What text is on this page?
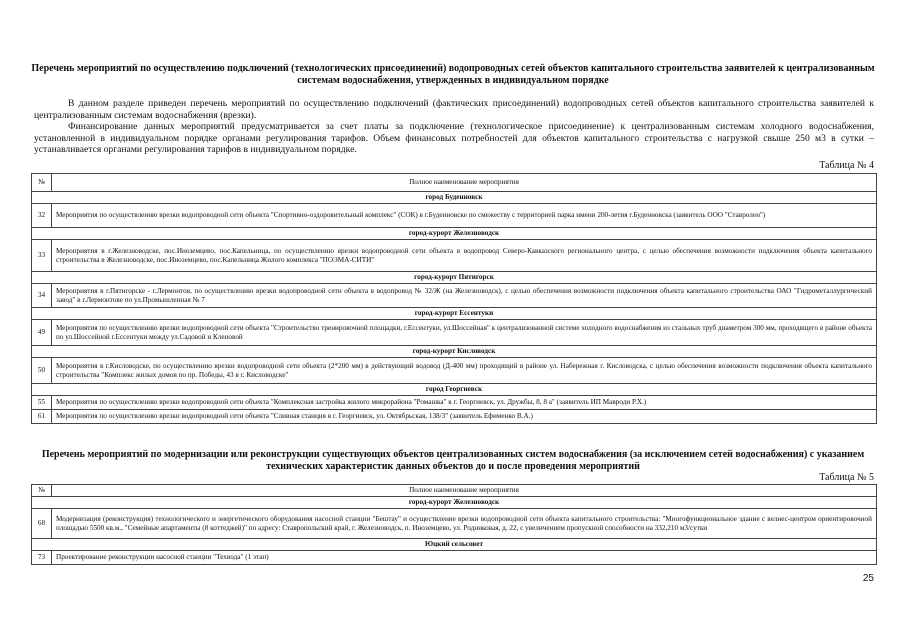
Перечень мероприятий по осуществлению подключений (технологических присоединений) водопроводных сетей объектов капитального строительства заявителей к централизованным системам водоснабжения, утвержденных в индивидуальном порядке

В данном разделе приведен перечень мероприятий по осуществлению подключений (фактических присоединений) водопроводных сетей объектов капитального строительства заявителей к централизованным системам водоснабжения (врезки).

Финансирование данных мероприятий предусматривается за счет платы за подключение (технологическое присоединение) к централизованным системам холодного водоснабжения, установленной в индивидуальном порядке органами регулирования тарифов. Объем финансовых потребностей для объектов капитального строительства с нагрузкой свыше 250 м3 в сутки – устанавливается органами регулирования тарифов в индивидуальном порядке.

Таблица № 4
№	Полное наименование мероприятия
город Буденновск	
32	Мероприятия по осуществлению врезки водопроводной сети объекта "Спортивно-оздоровительный комплекс" (СОК) в г.Буденновске по смежеству с территорией парка имени 200-летия г.Буденновска (заявитель ООО "Ставролен")
город-курорт Железноводск	
33	Мероприятия в г.Железноводске, пос.Иноземцево, пос.Капельница, по осуществлению врезки водопроводной сети объекта в водопровод Северо-Кавказского регионального центра, с целью обеспечения возможности подключения объекта капитального строительства в Железноводске, пос.Иноземцево, пос.Капельница Жилого комплекса "ПОЭМА-СИТИ"
город-курорт Пятигорск	
34	Мероприятия в г.Пятигорске - г.Лермонтов, по осуществлению врезки водопроводной сети объекта в водопровод № 32/Ж (на Железноводск), с целью обеспечения возможности подключения объекта капитального строительства ОАО "Гидрометаллургический завод" в г.Лермонтове по ул.Промышленная № 7
город-курорт Ессентуки	
49	Мероприятия по осуществлению врезки водопроводной сети объекта "Строительство тренировочной площадки, г.Ессентуки, ул.Шоссейная" к централизованной системе холодного водоснабжения из стальных труб диаметром 300 мм, проходящего в районе объекта по ул.Шоссейной г.Ессентуки между ул.Садовой и Кленовой
город-курорт Кисловодск	
50	Мероприятия в г.Кисловодске, по осуществлению врезки водопроводной сети объекта (2*200 мм) в действующий водовод (Д-400 мм) проходящий в районе ул. Набережная г. Кисловодска, с целью обеспечения возможности подключения объекта капитального строительства "Комплекс жилых домов по пр. Победы, 43 в г. Кисловодске"
город Георгиевск	
55	Мероприятия по осуществлению врезки водопроводной сети объекта "Комплексная застройка жилого микрорайона "Ромашка" в г. Георгиевск, ул. Дружбы, 8, 8 а" (заявитель ИП Мавроди Р.Х.)
61	Мероприятия по осуществлению врезки водопроводной сети объекта "Сливная станция в г. Георгиевск, ул. Октябрьская, 138/3" (заявитель Ефименко В.А.)
Перечень мероприятий по модернизации или реконструкции существующих объектов централизованных систем водоснабжения (за исключением сетей водоснабжения) с указанием технических характеристик данных объектов до и после проведения мероприятий
Таблица № 5
№	Полное наименование мероприятия
город-курорт Железноводск	
68	Модернизация (реконструкция) технологического и энергетического оборудования насосной станции "Бештау" и осуществление врезки водопроводной сети объекта капитального строительства: "Многофункциональное здание с велнес-центром ориентировочной площадью 5500 кв.м., "Семейные апартаменты (8 коттеджей)" по адресу: Ставропольский край, г. Железноводск, п. Иноземцево, ул. Родниковая, д. 22, с увеличением пропускной способности на 332,210 м3/сутки
Юцкий сельсовет	
73	Проектирование реконструкции насосной станции "Техвода" (1 этап)
25
